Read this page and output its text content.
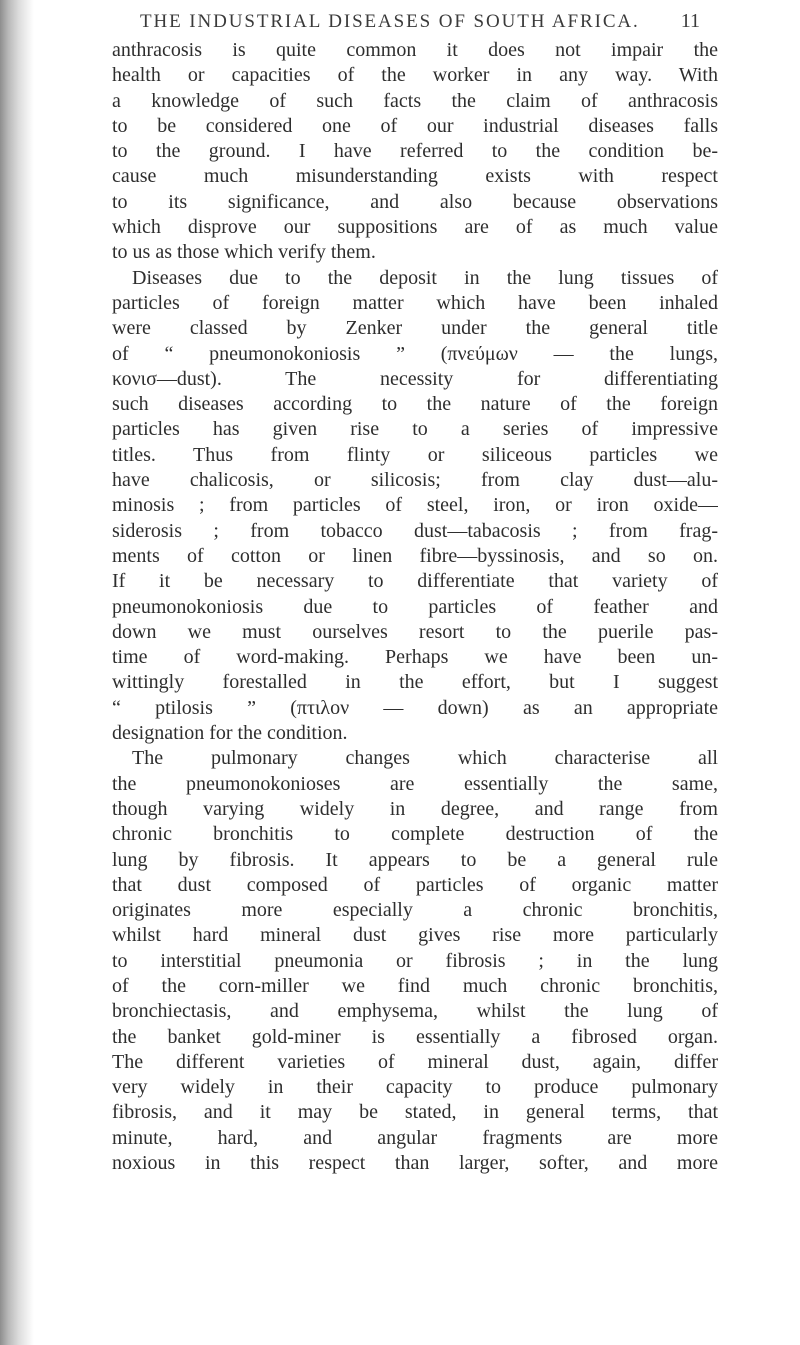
THE INDUSTRIAL DISEASES OF SOUTH AFRICA. 11
anthracosis is quite common it does not impair the
health or capacities of the worker in any way. With
a knowledge of such facts the claim of anthracosis
to be considered one of our industrial diseases falls
to the ground. I have referred to the condition be-
cause much misunderstanding exists with respect
to its significance, and also because observations
which disprove our suppositions are of as much value
to us as those which verify them.
Diseases due to the deposit in the lung tissues of
particles of foreign matter which have been inhaled
were classed by Zenker under the general title
of “ pneumonokoniosis ” (πνεύμων — the lungs,
κονισ—dust). The necessity for differentiating
such diseases according to the nature of the foreign
particles has given rise to a series of impressive
titles. Thus from flinty or siliceous particles we
have chalicosis, or silicosis; from clay dust—alu-
minosis ; from particles of steel, iron, or iron oxide—
siderosis ; from tobacco dust—tabacosis ; from frag-
ments of cotton or linen fibre—byssinosis, and so on.
If it be necessary to differentiate that variety of
pneumonokoniosis due to particles of feather and
down we must ourselves resort to the puerile pas-
time of word-making. Perhaps we have been un-
wittingly forestalled in the effort, but I suggest
“ ptilosis ” (πτιλον — down) as an appropriate
designation for the condition.
The pulmonary changes which characterise all
the pneumonokonioses are essentially the same,
though varying widely in degree, and range from
chronic bronchitis to complete destruction of the
lung by fibrosis. It appears to be a general rule
that dust composed of particles of organic matter
originates more especially a chronic bronchitis,
whilst hard mineral dust gives rise more particularly
to interstitial pneumonia or fibrosis ; in the lung
of the corn-miller we find much chronic bronchitis,
bronchiectasis, and emphysema, whilst the lung of
the banket gold-miner is essentially a fibrosed organ.
The different varieties of mineral dust, again, differ
very widely in their capacity to produce pulmonary
fibrosis, and it may be stated, in general terms, that
minute, hard, and angular fragments are more
noxious in this respect than larger, softer, and more
